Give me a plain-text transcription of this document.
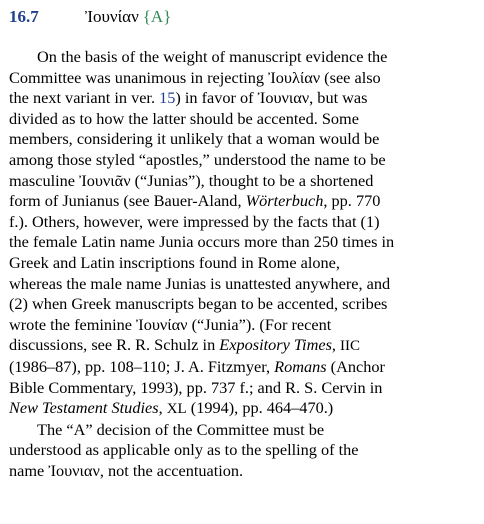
16.7	Ἰουνίαν {A}
On the basis of the weight of manuscript evidence the
Committee was unanimous in rejecting Ἰουλίαν (see also
the next variant in ver. 15) in favor of Ἰουνιαν, but was
divided as to how the latter should be accented. Some
members, considering it unlikely that a woman would be
among those styled “apostles,” understood the name to be
masculine Ἰουνιᾶν (“Junias”), thought to be a shortened
form of Junianus (see Bauer-Aland, Wörterbuch, pp. 770
f.). Others, however, were impressed by the facts that (1)
the female Latin name Junia occurs more than 250 times in
Greek and Latin inscriptions found in Rome alone,
whereas the male name Junias is unattested anywhere, and
(2) when Greek manuscripts began to be accented, scribes
wrote the feminine Ἰουνίαν (“Junia”). (For recent
discussions, see R. R. Schulz in Expository Times, IIC
(1986–87), pp. 108–110; J. A. Fitzmyer, Romans (Anchor
Bible Commentary, 1993), pp. 737 f.; and R. S. Cervin in
New Testament Studies, XL (1994), pp. 464–470.)
The “A” decision of the Committee must be
understood as applicable only as to the spelling of the
name Ἰουνιαν, not the accentuation.
